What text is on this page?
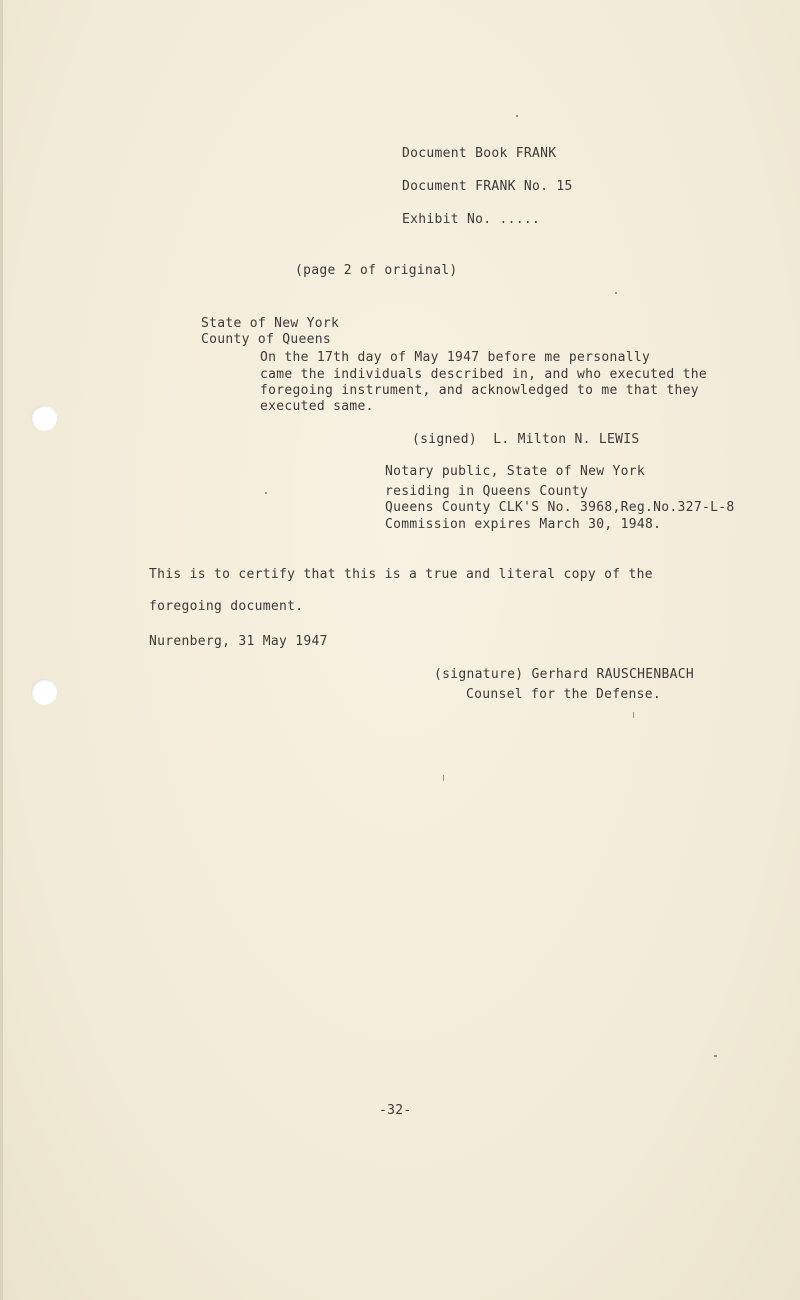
Document Book FRANK
Document FRANK No. 15
Exhibit No. .....
(page 2 of original)
State of New York
County of Queens
On the 17th day of May 1947 before me personally
came the individuals described in, and who executed the
foregoing instrument, and acknowledged to me that they
executed same.
(signed)  L. Milton N. LEWIS
Notary public, State of New York
residing in Queens County
Queens County CLK'S No. 3968,Reg.No.327-L-8
Commission expires March 30, 1948.
This is to certify that this is a true and literal copy of the
foregoing document.
Nurenberg, 31 May 1947
(signature) Gerhard RAUSCHENBACH
Counsel for the Defense.
-32-
